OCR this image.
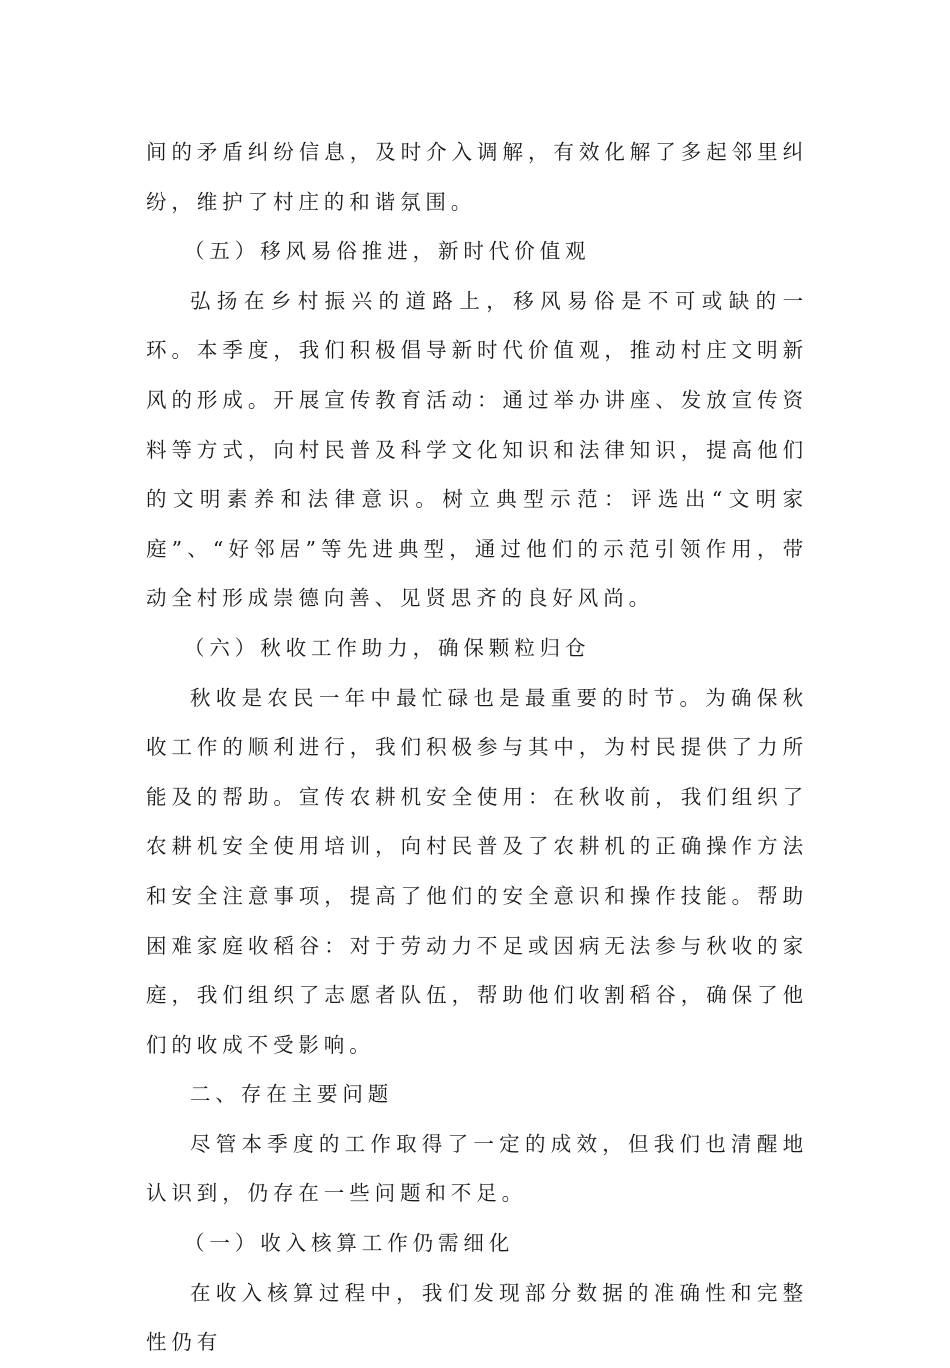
间的矛盾纠纷信息，及时介入调解，有效化解了多起邻里纠纷，维护了村庄的和谐氛围。

（五）移风易俗推进，新时代价值观

弘扬在乡村振兴的道路上，移风易俗是不可或缺的一环。本季度，我们积极倡导新时代价值观，推动村庄文明新风的形成。开展宣传教育活动：通过举办讲座、发放宣传资料等方式，向村民普及科学文化知识和法律知识，提高他们的文明素养和法律意识。树立典型示范：评选出“文明家庭”、“好邻居”等先进典型，通过他们的示范引领作用，带动全村形成崇德向善、见贤思齐的良好风尚。

（六）秋收工作助力，确保颗粒归仓

秋收是农民一年中最忙碌也是最重要的时节。为确保秋收工作的顺利进行，我们积极参与其中，为村民提供了力所能及的帮助。宣传农耕机安全使用：在秋收前，我们组织了农耕机安全使用培训，向村民普及了农耕机的正确操作方法和安全注意事项，提高了他们的安全意识和操作技能。帮助困难家庭收稻谷：对于劳动力不足或因病无法参与秋收的家庭，我们组织了志愿者队伍，帮助他们收割稻谷，确保了他们的收成不受影响。

二、存在主要问题

尽管本季度的工作取得了一定的成效，但我们也清醒地认识到，仍存在一些问题和不足。

（一）收入核算工作仍需细化

在收入核算过程中，我们发现部分数据的准确性和完整性仍有
